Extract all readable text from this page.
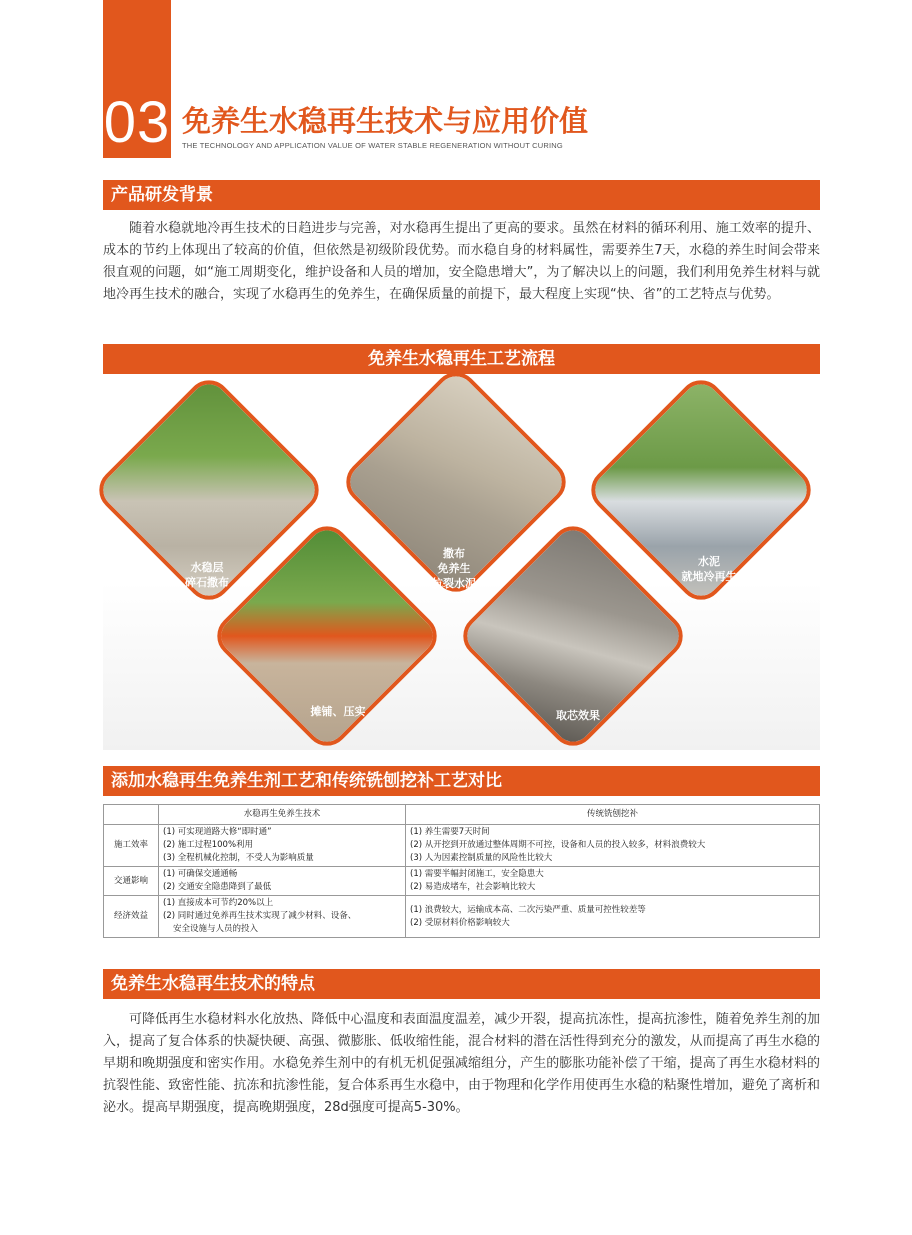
03 免养生水稳再生技术与应用价值
THE TECHNOLOGY AND APPLICATION VALUE OF WATER STABLE REGENERATION WITHOUT CURING
产品研发背景

随着水稳就地冷再生技术的日趋进步与完善，对水稳再生提出了更高的要求。虽然在材料的循环利用、施工效率的提升、成本的节约上体现出了较高的价值，但依然是初级阶段优势。而水稳自身的材料属性，需要养生7天，水稳的养生时间会带来很直观的问题，如“施工周期变化，维护设备和人员的增加，安全隐患增大”，为了解决以上的问题，我们利用免养生材料与就地冷再生技术的融合，实现了水稳再生的免养生，在确保质量的前提下，最大程度上实现“快、省”的工艺特点与优势。

免养生水稳再生工艺流程
水稳层
碎石撒布
撒布
免养生
抗裂水泥
水泥
就地冷再生
摊铺、压实	取芯效果
添加水稳再生免养生剂工艺和传统铣刨挖补工艺对比
	水稳再生免养生技术	传统铣刨挖补
施工效率	(1) 可实现道路大修“即时通”
(2) 施工过程100%利用
(3) 全程机械化控制，不受人为影响质量	(1) 养生需要7天时间
(2) 从开挖到开放通过整体周期不可控，设备和人员的投入较多，材料浪费较大
(3) 人为因素控制质量的风险性比较大

交通影响	(1) 可确保交通通畅
(2) 交通安全隐患降到了最低	(1) 需要半幅封闭施工，安全隐患大
(2) 易造成堵车，社会影响比较大

经济效益	(1) 直接成本可节约20%以上
(2) 同时通过免养再生技术实现了减少材料、设备、
安全设施与人员的投入	(1) 浪费较大，运输成本高、二次污染严重、质量可控性较差等
(2) 受原材料价格影响较大
免养生水稳再生技术的特点

可降低再生水稳材料水化放热、降低中心温度和表面温度温差，减少开裂，提高抗冻性，提高抗渗性，随着免养生剂的加入，提高了复合体系的快凝快硬、高强、微膨胀、低收缩性能，混合材料的潜在活性得到充分的激发，从而提高了再生水稳的早期和晚期强度和密实作用。水稳免养生剂中的有机无机促强减缩组分，产生的膨胀功能补偿了干缩，提高了再生水稳材料的抗裂性能、致密性能、抗冻和抗渗性能，复合体系再生水稳中，由于物理和化学作用使再生水稳的粘聚性增加，避免了离析和泌水。提高早期强度，提高晚期强度，28d强度可提高5-30%。
